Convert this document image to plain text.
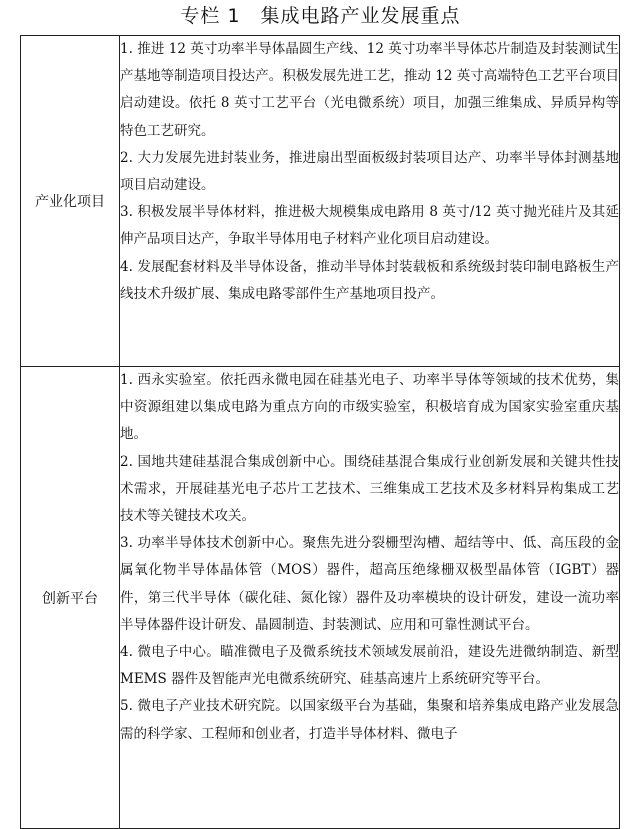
专栏 1　集成电路产业发展重点
产业化项目	1. 推进 12 英寸功率半导体晶圆生产线、12 英寸功率半导体芯片制造及封装测试生产基地等制造项目投达产。积极发展先进工艺，推动 12 英寸高端特色工艺平台项目启动建设。依托 8 英寸工艺平台（光电微系统）项目，加强三维集成、异质异构等特色工艺研究。

2. 大力发展先进封装业务，推进扇出型面板级封装项目达产、功率半导体封测基地项目启动建设。

3. 积极发展半导体材料，推进极大规模集成电路用 8 英寸/12 英寸抛光硅片及其延伸产品项目达产，争取半导体用电子材料产业化项目启动建设。

4. 发展配套材料及半导体设备，推动半导体封装载板和系统级封装印制电路板生产线技术升级扩展、集成电路零部件生产基地项目投产。

创新平台	1. 西永实验室。依托西永微电园在硅基光电子、功率半导体等领域的技术优势，集中资源组建以集成电路为重点方向的市级实验室，积极培育成为国家实验室重庆基地。

2. 国地共建硅基混合集成创新中心。围绕硅基混合集成行业创新发展和关键共性技术需求，开展硅基光电子芯片工艺技术、三维集成工艺技术及多材料异构集成工艺技术等关键技术攻关。

3. 功率半导体技术创新中心。聚焦先进分裂栅型沟槽、超结等中、低、高压段的金属氧化物半导体晶体管（MOS）器件，超高压绝缘栅双极型晶体管（IGBT）器件，第三代半导体（碳化硅、氮化镓）器件及功率模块的设计研发，建设一流功率半导体器件设计研发、晶圆制造、封装测试、应用和可靠性测试平台。

4. 微电子中心。瞄准微电子及微系统技术领域发展前沿，建设先进微纳制造、新型 MEMS 器件及智能声光电微系统研究、硅基高速片上系统研究等平台。

5. 微电子产业技术研究院。以国家级平台为基础，集聚和培养集成电路产业发展急需的科学家、工程师和创业者，打造半导体材料、微电子
